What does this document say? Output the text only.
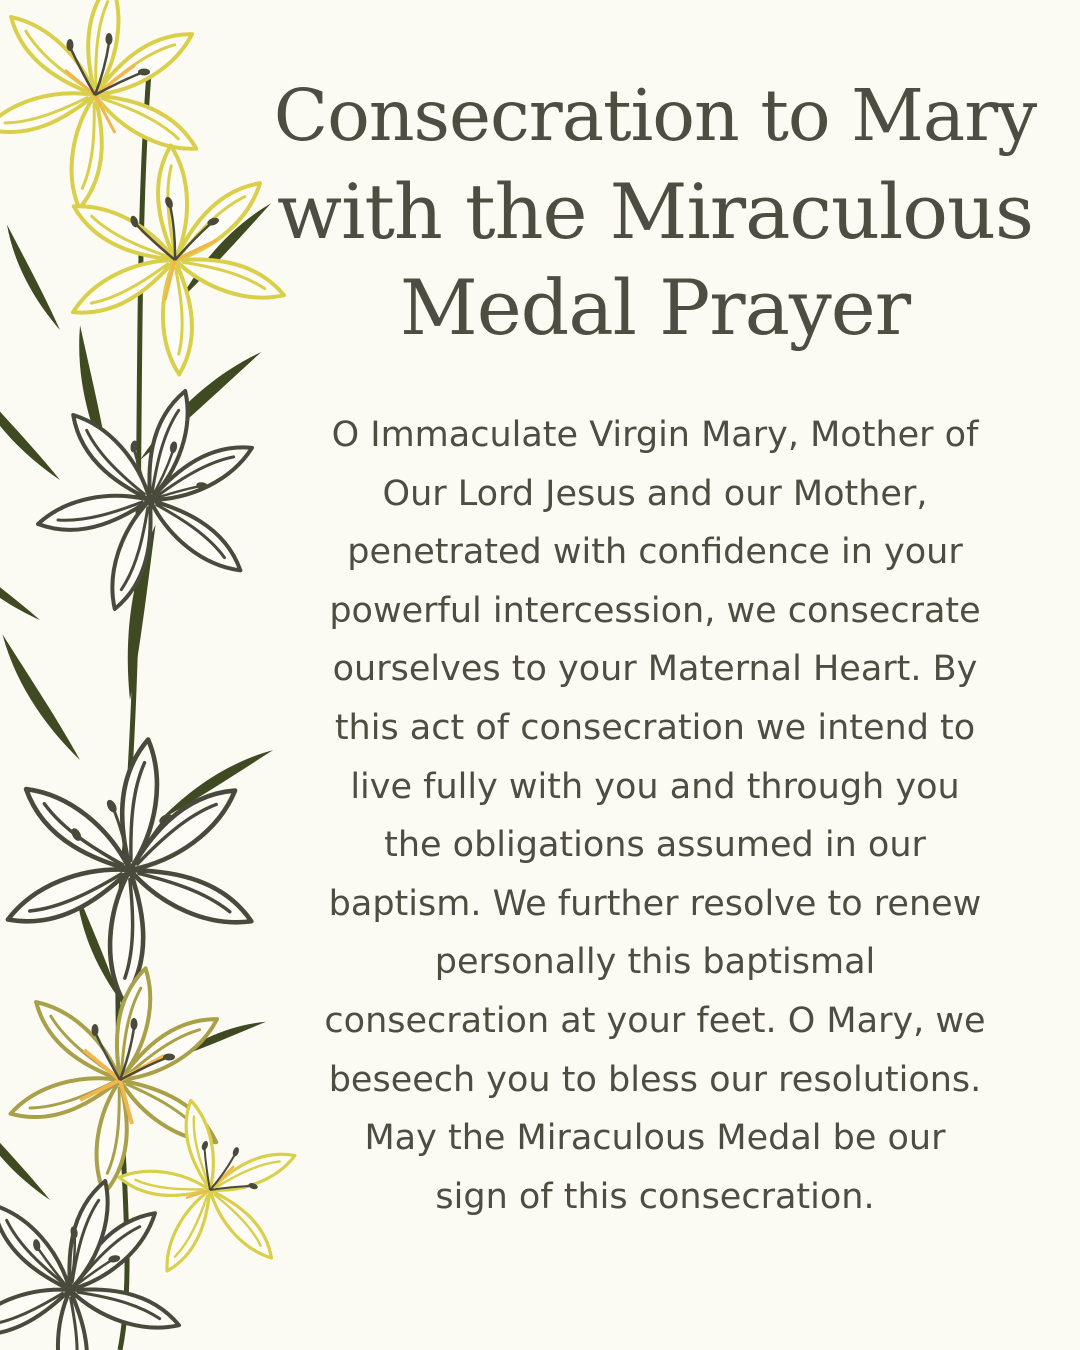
Consecration to Mary
with the Miraculous
Medal Prayer

O Immaculate Virgin Mary, Mother of
Our Lord Jesus and our Mother,
penetrated with confidence in your
powerful intercession, we consecrate
ourselves to your Maternal Heart. By
this act of consecration we intend to
live fully with you and through you
the obligations assumed in our
baptism. We further resolve to renew
personally this baptismal
consecration at your feet. O Mary, we
beseech you to bless our resolutions.
May the Miraculous Medal be our
sign of this consecration.
